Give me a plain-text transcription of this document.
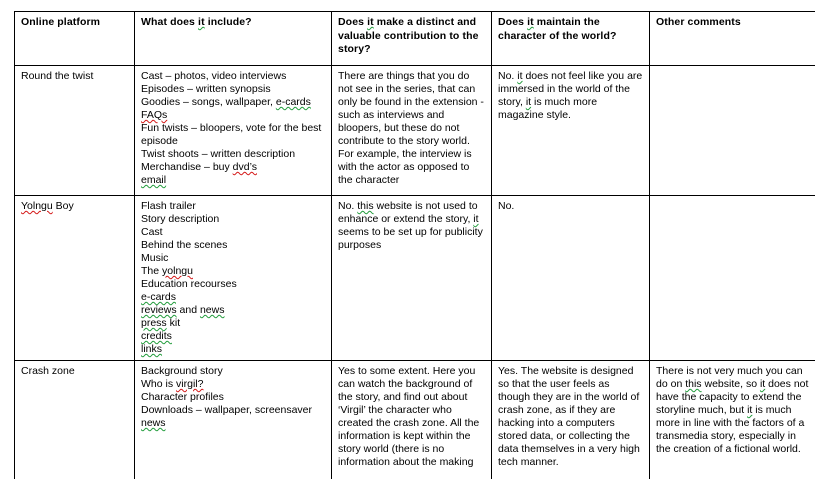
Online platform	What does it include?	Does it make a distinct and valuable contribution to the story?	Does it maintain the character of the world?	Other comments
Round the twist	Cast – photos, video interviews
Episodes – written synopsis
Goodies – songs, wallpaper, e-cards
FAQs
Fun twists – bloopers, vote for the best episode
Twist shoots – written description
Merchandise – buy dvd’s
email
	There are things that you do not see in the series, that can only be found in the extension - such as interviews and bloopers, but these do not contribute to the story world. For example, the interview is with the actor as opposed to the character	No. it does not feel like you are immersed in the world of the story, it is much more magazine style.	
Yolngu Boy	Flash trailer
Story description
Cast
Behind the scenes
Music
The yolngu
Education recourses
e-cards
reviews and news
press kit
credits
links
	No. this website is not used to enhance or extend the story, it seems to be set up for publicity purposes	No.	
Crash zone	Background story
Who is virgil?
Character profiles
Downloads – wallpaper, screensaver
news
	Yes to some extent. Here you can watch the background of the story, and find out about ‘Virgil’ the character who created the crash zone. All the information is kept within the story world (there is no information about the making	Yes. The website is designed so that the user feels as though they are in the world of crash zone, as if they are hacking into a computers stored data, or collecting the data themselves in a very high tech manner.	There is not very much you can do on this website, so it does not have the capacity to extend the storyline much, but it is much more in line with the factors of a transmedia story, especially in the creation of a fictional world.
